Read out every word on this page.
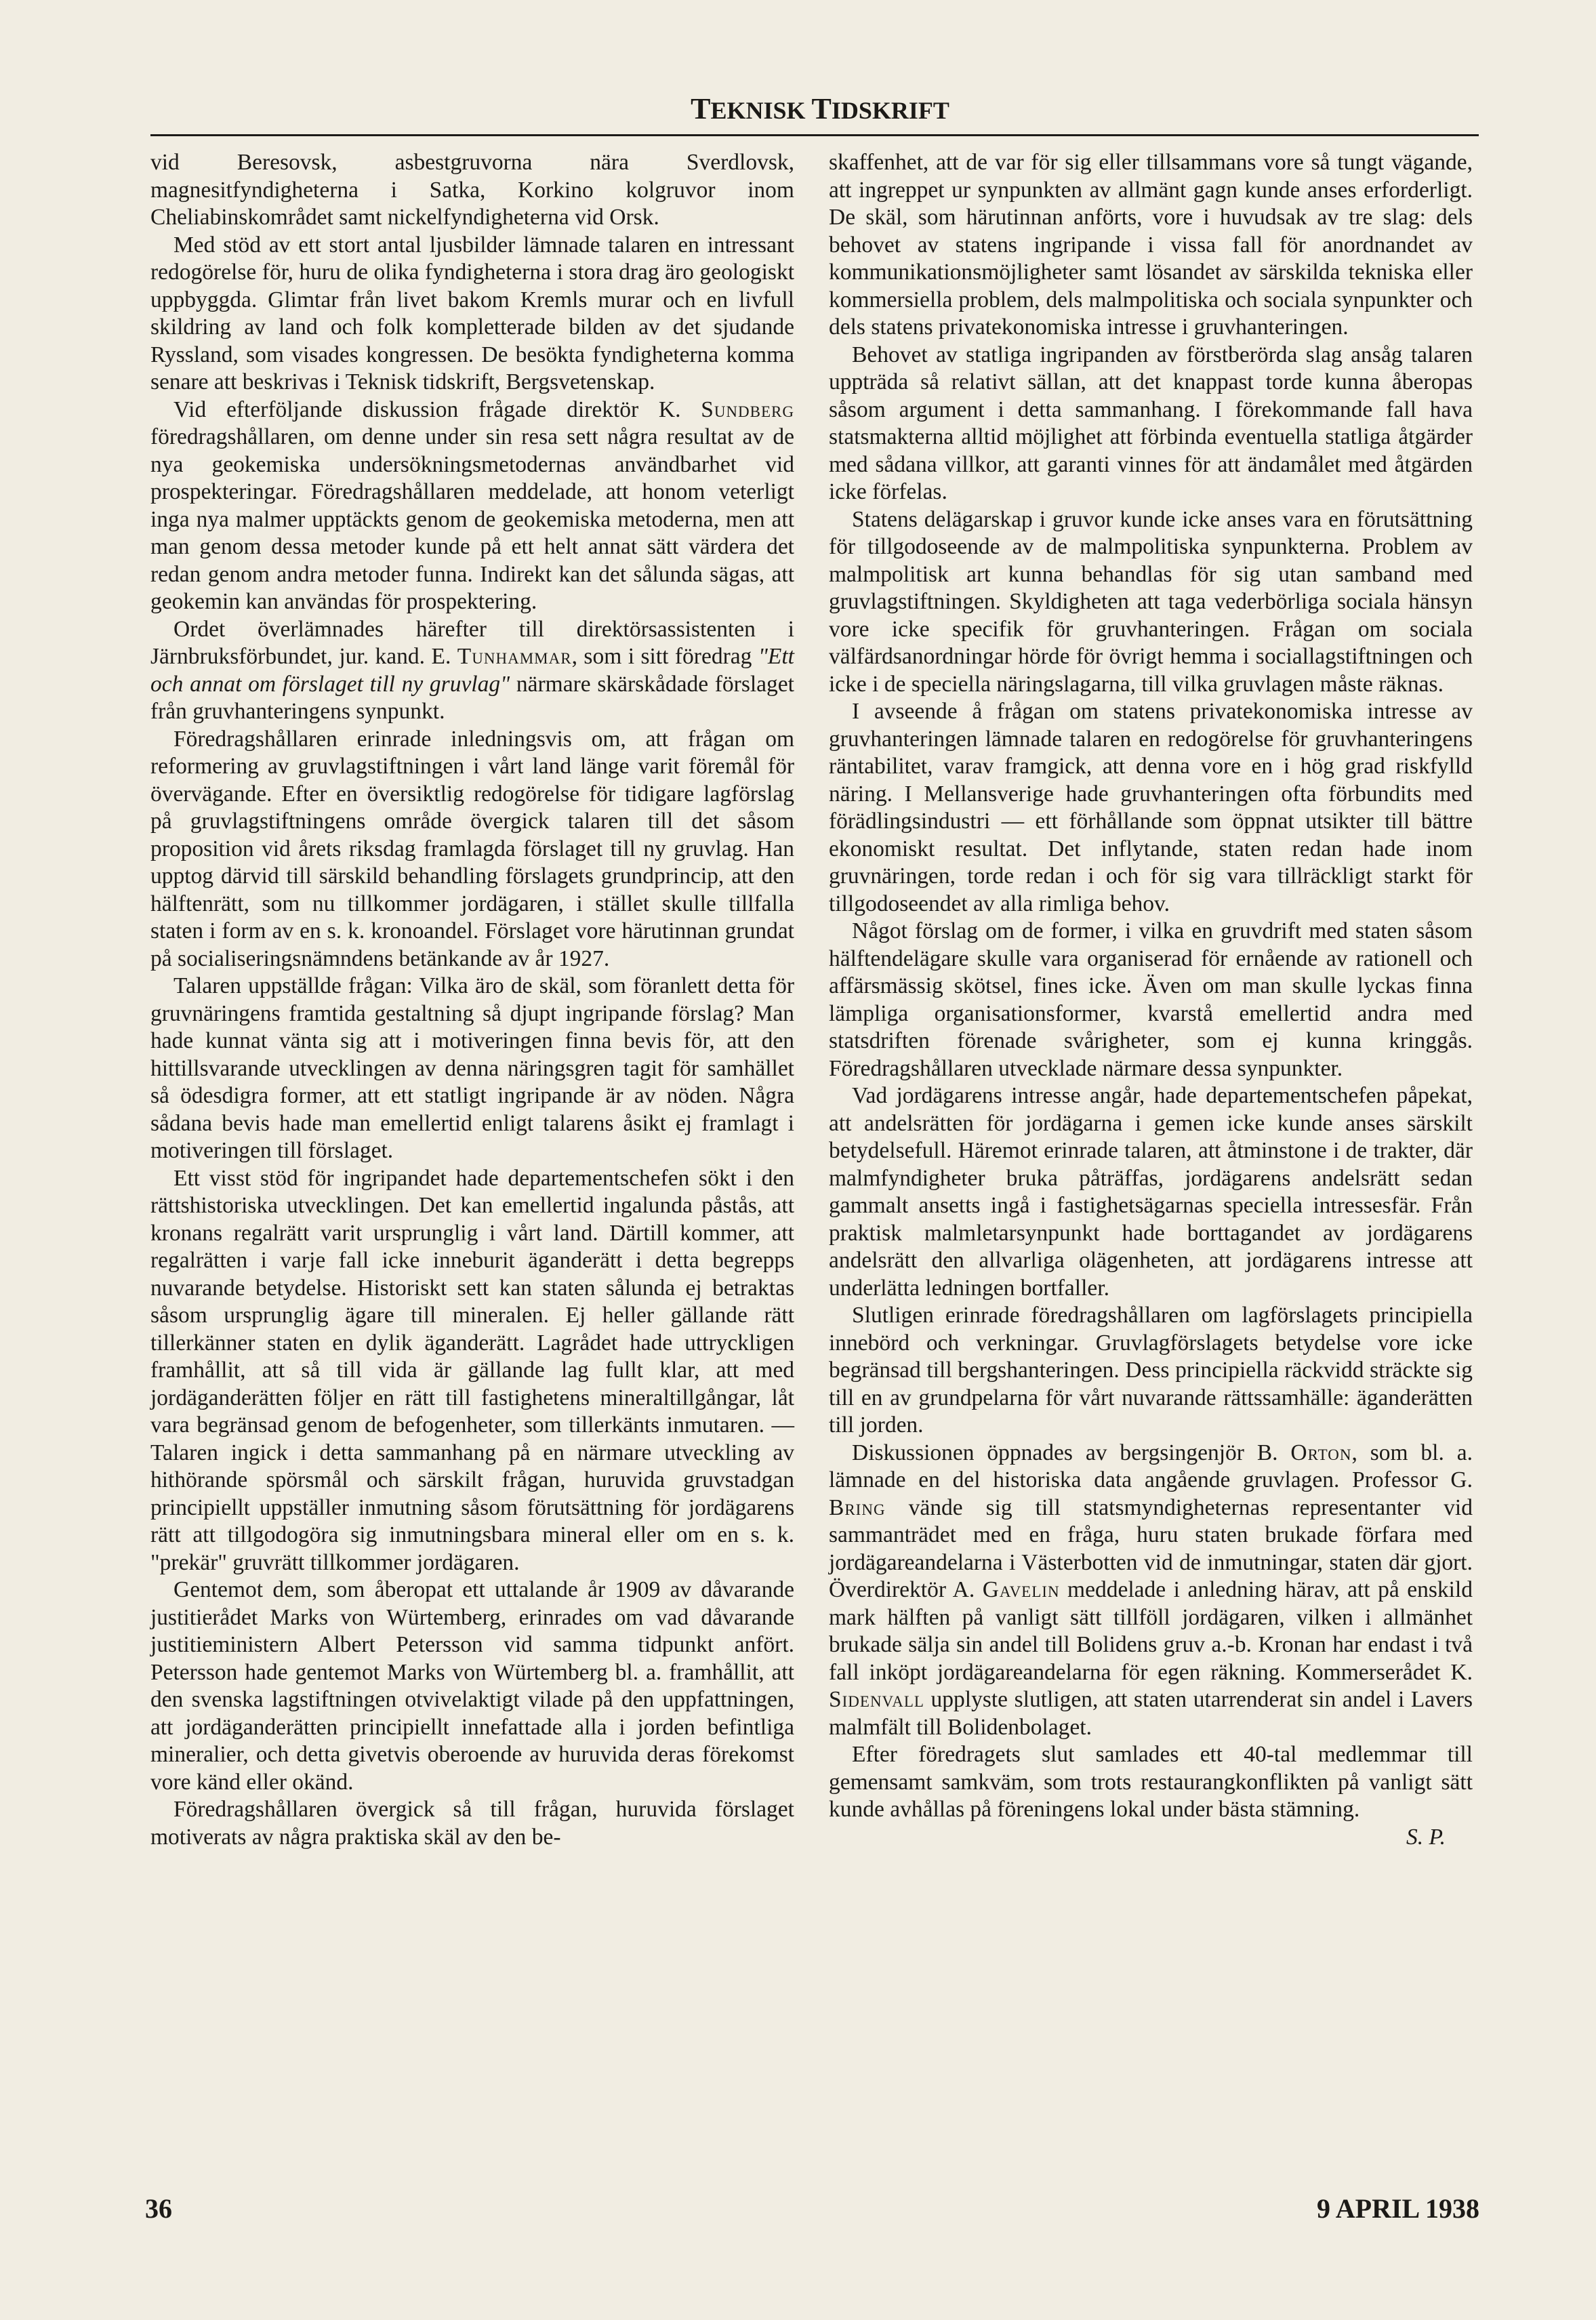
TEKNISK TIDSKRIFT

vid Beresovsk, asbestgruvorna nära Sverdlovsk, magnesitfyndigheterna i Satka, Korkino kolgruvor inom Cheliabinskområdet samt nickelfyndigheterna vid Orsk.

Med stöd av ett stort antal ljusbilder lämnade talaren en intressant redogörelse för, huru de olika fyndigheterna i stora drag äro geologiskt uppbyggda. Glimtar från livet bakom Kremls murar och en livfull skildring av land och folk kompletterade bilden av det sjudande Ryssland, som visades kongressen. De besökta fyndigheterna komma senare att beskrivas i Teknisk tidskrift, Bergsvetenskap.

Vid efterföljande diskussion frågade direktör K. Sundberg föredragshållaren, om denne under sin resa sett några resultat av de nya geokemiska undersökningsmetodernas användbarhet vid prospekteringar. Föredragshållaren meddelade, att honom veterligt inga nya malmer upptäckts genom de geokemiska metoderna, men att man genom dessa metoder kunde på ett helt annat sätt värdera det redan genom andra metoder funna. Indirekt kan det sålunda sägas, att geokemin kan användas för prospektering.

Ordet överlämnades härefter till direktörsassistenten i Järnbruksförbundet, jur. kand. E. Tunhammar, som i sitt föredrag "Ett och annat om förslaget till ny gruvlag" närmare skärskådade förslaget från gruvhanteringens synpunkt.

Föredragshållaren erinrade inledningsvis om, att frågan om reformering av gruvlagstiftningen i vårt land länge varit föremål för övervägande. Efter en översiktlig redogörelse för tidigare lagförslag på gruvlagstiftningens område övergick talaren till det såsom proposition vid årets riksdag framlagda förslaget till ny gruvlag. Han upptog därvid till särskild behandling förslagets grundprincip, att den hälftenrätt, som nu tillkommer jordägaren, i stället skulle tillfalla staten i form av en s. k. kronoandel. Förslaget vore härutinnan grundat på socialiseringsnämndens betänkande av år 1927.

Talaren uppställde frågan: Vilka äro de skäl, som föranlett detta för gruvnäringens framtida gestaltning så djupt ingripande förslag? Man hade kunnat vänta sig att i motiveringen finna bevis för, att den hittillsvarande utvecklingen av denna näringsgren tagit för samhället så ödesdigra former, att ett statligt ingripande är av nöden. Några sådana bevis hade man emellertid enligt talarens åsikt ej framlagt i motiveringen till förslaget.

Ett visst stöd för ingripandet hade departementschefen sökt i den rättshistoriska utvecklingen. Det kan emellertid ingalunda påstås, att kronans regalrätt varit ursprunglig i vårt land. Därtill kommer, att regalrätten i varje fall icke inneburit äganderätt i detta begrepps nuvarande betydelse. Historiskt sett kan staten sålunda ej betraktas såsom ursprunglig ägare till mineralen. Ej heller gällande rätt tillerkänner staten en dylik äganderätt. Lagrådet hade uttryckligen framhållit, att så till vida är gällande lag fullt klar, att med jordäganderätten följer en rätt till fastighetens mineraltillgångar, låt vara begränsad genom de befogenheter, som tillerkänts inmutaren. — Talaren ingick i detta sammanhang på en närmare utveckling av hithörande spörsmål och särskilt frågan, huruvida gruvstadgan principiellt uppställer inmutning såsom förutsättning för jordägarens rätt att tillgodogöra sig inmutningsbara mineral eller om en s. k. "prekär" gruvrätt tillkommer jordägaren.

Gentemot dem, som åberopat ett uttalande år 1909 av dåvarande justitierådet Marks von Würtemberg, erinrades om vad dåvarande justitieministern Albert Petersson vid samma tidpunkt anfört. Petersson hade gentemot Marks von Würtemberg bl. a. framhållit, att den svenska lagstiftningen otvivelaktigt vilade på den uppfattningen, att jordäganderätten principiellt innefattade alla i jorden befintliga mineralier, och detta givetvis oberoende av huruvida deras förekomst vore känd eller okänd.

Föredragshållaren övergick så till frågan, huruvida förslaget motiverats av några praktiska skäl av den be-

skaffenhet, att de var för sig eller tillsammans vore så tungt vägande, att ingreppet ur synpunkten av allmänt gagn kunde anses erforderligt. De skäl, som härutinnan anförts, vore i huvudsak av tre slag: dels behovet av statens ingripande i vissa fall för anordnandet av kommunikationsmöjligheter samt lösandet av särskilda tekniska eller kommersiella problem, dels malmpolitiska och sociala synpunkter och dels statens privatekonomiska intresse i gruvhanteringen.

Behovet av statliga ingripanden av förstberörda slag ansåg talaren uppträda så relativt sällan, att det knappast torde kunna åberopas såsom argument i detta sammanhang. I förekommande fall hava statsmakterna alltid möjlighet att förbinda eventuella statliga åtgärder med sådana villkor, att garanti vinnes för att ändamålet med åtgärden icke förfelas.

Statens delägarskap i gruvor kunde icke anses vara en förutsättning för tillgodoseende av de malmpolitiska synpunkterna. Problem av malmpolitisk art kunna behandlas för sig utan samband med gruvlagstiftningen. Skyldigheten att taga vederbörliga sociala hänsyn vore icke specifik för gruvhanteringen. Frågan om sociala välfärdsanordningar hörde för övrigt hemma i sociallagstiftningen och icke i de speciella näringslagarna, till vilka gruvlagen måste räknas.

I avseende å frågan om statens privatekonomiska intresse av gruvhanteringen lämnade talaren en redogörelse för gruvhanteringens räntabilitet, varav framgick, att denna vore en i hög grad riskfylld näring. I Mellansverige hade gruvhanteringen ofta förbundits med förädlingsindustri — ett förhållande som öppnat utsikter till bättre ekonomiskt resultat. Det inflytande, staten redan hade inom gruvnäringen, torde redan i och för sig vara tillräckligt starkt för tillgodoseendet av alla rimliga behov.

Något förslag om de former, i vilka en gruvdrift med staten såsom hälftendelägare skulle vara organiserad för ernående av rationell och affärsmässig skötsel, fines icke. Även om man skulle lyckas finna lämpliga organisationsformer, kvarstå emellertid andra med statsdriften förenade svårigheter, som ej kunna kringgås. Föredragshållaren utvecklade närmare dessa synpunkter.

Vad jordägarens intresse angår, hade departementschefen påpekat, att andelsrätten för jordägarna i gemen icke kunde anses särskilt betydelsefull. Häremot erinrade talaren, att åtminstone i de trakter, där malmfyndigheter bruka påträffas, jordägarens andelsrätt sedan gammalt ansetts ingå i fastighetsägarnas speciella intressesfär. Från praktisk malmletarsynpunkt hade borttagandet av jordägarens andelsrätt den allvarliga olägenheten, att jordägarens intresse att underlätta ledningen bortfaller.

Slutligen erinrade föredragshållaren om lagförslagets principiella innebörd och verkningar. Gruvlagförslagets betydelse vore icke begränsad till bergshanteringen. Dess principiella räckvidd sträckte sig till en av grundpelarna för vårt nuvarande rättssamhälle: äganderätten till jorden.

Diskussionen öppnades av bergsingenjör B. Orton, som bl. a. lämnade en del historiska data angående gruvlagen. Professor G. Bring vände sig till statsmyndigheternas representanter vid sammanträdet med en fråga, huru staten brukade förfara med jordägareandelarna i Västerbotten vid de inmutningar, staten där gjort. Överdirektör A. Gavelin meddelade i anledning härav, att på enskild mark hälften på vanligt sätt tillföll jordägaren, vilken i allmänhet brukade sälja sin andel till Bolidens gruv a.-b. Kronan har endast i två fall inköpt jordägareandelarna för egen räkning. Kommerserådet K. Sidenvall upplyste slutligen, att staten utarrenderat sin andel i Lavers malmfält till Bolidenbolaget.

Efter föredragets slut samlades ett 40-tal medlemmar till gemensamt samkväm, som trots restaurangkonflikten på vanligt sätt kunde avhållas på föreningens lokal under bästa stämning.

S. P.

36	9 APRIL 1938
